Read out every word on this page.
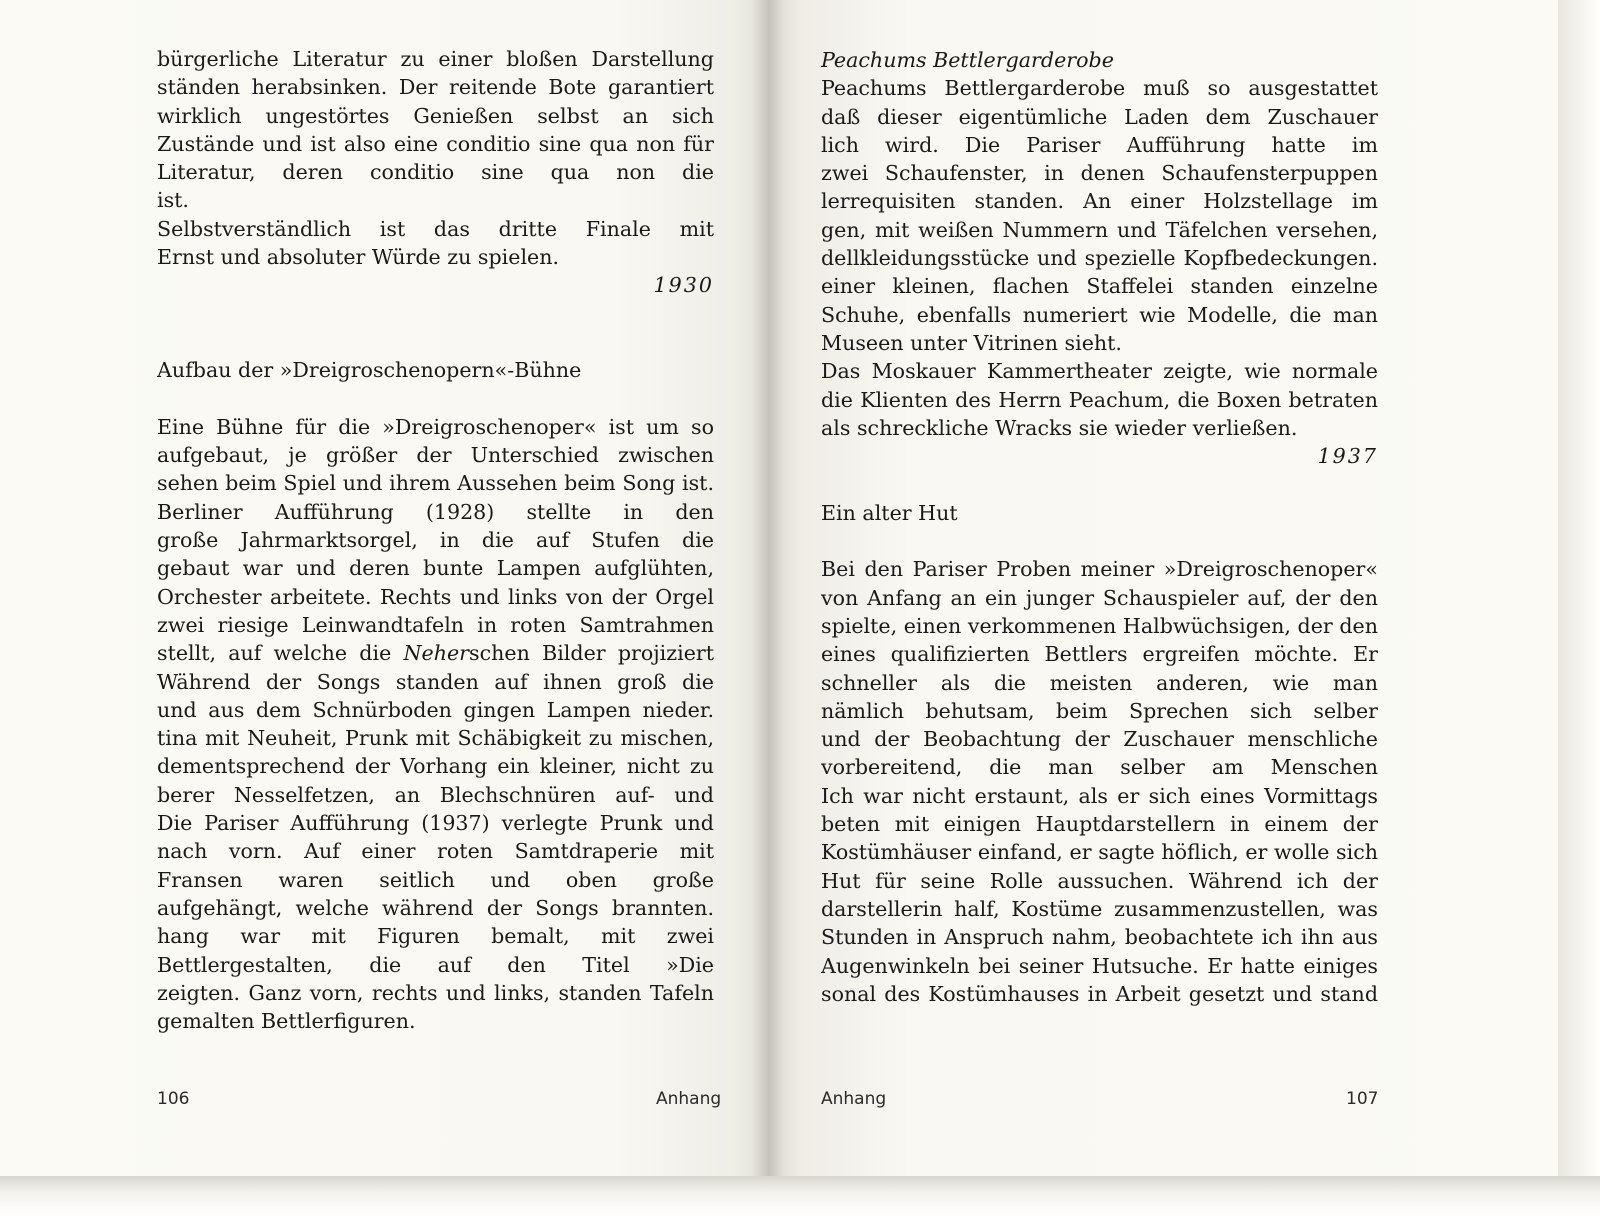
bürgerliche Literatur zu einer bloßen Darstellung
ständen herabsinken. Der reitende Bote garantiert
wirklich ungestörtes Genießen selbst an sich
Zustände und ist also eine conditio sine qua non für
Literatur, deren conditio sine qua non die
ist.
Selbstverständlich ist das dritte Finale mit
Ernst und absoluter Würde zu spielen.
1930
Aufbau der »Dreigroschenopern«-Bühne
Eine Bühne für die »Dreigroschenoper« ist um so
aufgebaut, je größer der Unterschied zwischen
sehen beim Spiel und ihrem Aussehen beim Song ist.
Berliner Aufführung (1928) stellte in den
große Jahrmarktsorgel, in die auf Stufen die
gebaut war und deren bunte Lampen aufglühten,
Orchester arbeitete. Rechts und links von der Orgel
zwei riesige Leinwandtafeln in roten Samtrahmen
stellt, auf welche die Neherschen Bilder projiziert
Während der Songs standen auf ihnen groß die
und aus dem Schnürboden gingen Lampen nieder.
tina mit Neuheit, Prunk mit Schäbigkeit zu mischen,
dementsprechend der Vorhang ein kleiner, nicht zu
berer Nesselfetzen, an Blechschnüren auf- und
Die Pariser Aufführung (1937) verlegte Prunk und
nach vorn. Auf einer roten Samtdraperie mit
Fransen waren seitlich und oben große
aufgehängt, welche während der Songs brannten.
hang war mit Figuren bemalt, mit zwei
Bettlergestalten, die auf den Titel »Die
zeigten. Ganz vorn, rechts und links, standen Tafeln
gemalten Bettlerfiguren.
Peachums Bettlergarderobe
Peachums Bettlergarderobe muß so ausgestattet
daß dieser eigentümliche Laden dem Zuschauer
lich wird. Die Pariser Aufführung hatte im
zwei Schaufenster, in denen Schaufensterpuppen
lerrequisiten standen. An einer Holzstellage im
gen, mit weißen Nummern und Täfelchen versehen,
dellkleidungsstücke und spezielle Kopfbedeckungen.
einer kleinen, flachen Staffelei standen einzelne
Schuhe, ebenfalls numeriert wie Modelle, die man
Museen unter Vitrinen sieht.
Das Moskauer Kammertheater zeigte, wie normale
die Klienten des Herrn Peachum, die Boxen betraten
als schreckliche Wracks sie wieder verließen.
1937
Ein alter Hut
Bei den Pariser Proben meiner »Dreigroschenoper«
von Anfang an ein junger Schauspieler auf, der den
spielte, einen verkommenen Halbwüchsigen, der den
eines qualifizierten Bettlers ergreifen möchte. Er
schneller als die meisten anderen, wie man
nämlich behutsam, beim Sprechen sich selber
und der Beobachtung der Zuschauer menschliche
vorbereitend, die man selber am Menschen
Ich war nicht erstaunt, als er sich eines Vormittags
beten mit einigen Hauptdarstellern in einem der
Kostümhäuser einfand, er sagte höflich, er wolle sich
Hut für seine Rolle aussuchen. Während ich der
darstellerin half, Kostüme zusammenzustellen, was
Stunden in Anspruch nahm, beobachtete ich ihn aus
Augenwinkeln bei seiner Hutsuche. Er hatte einiges
sonal des Kostümhauses in Arbeit gesetzt und stand
106	Anhang	Anhang	107
